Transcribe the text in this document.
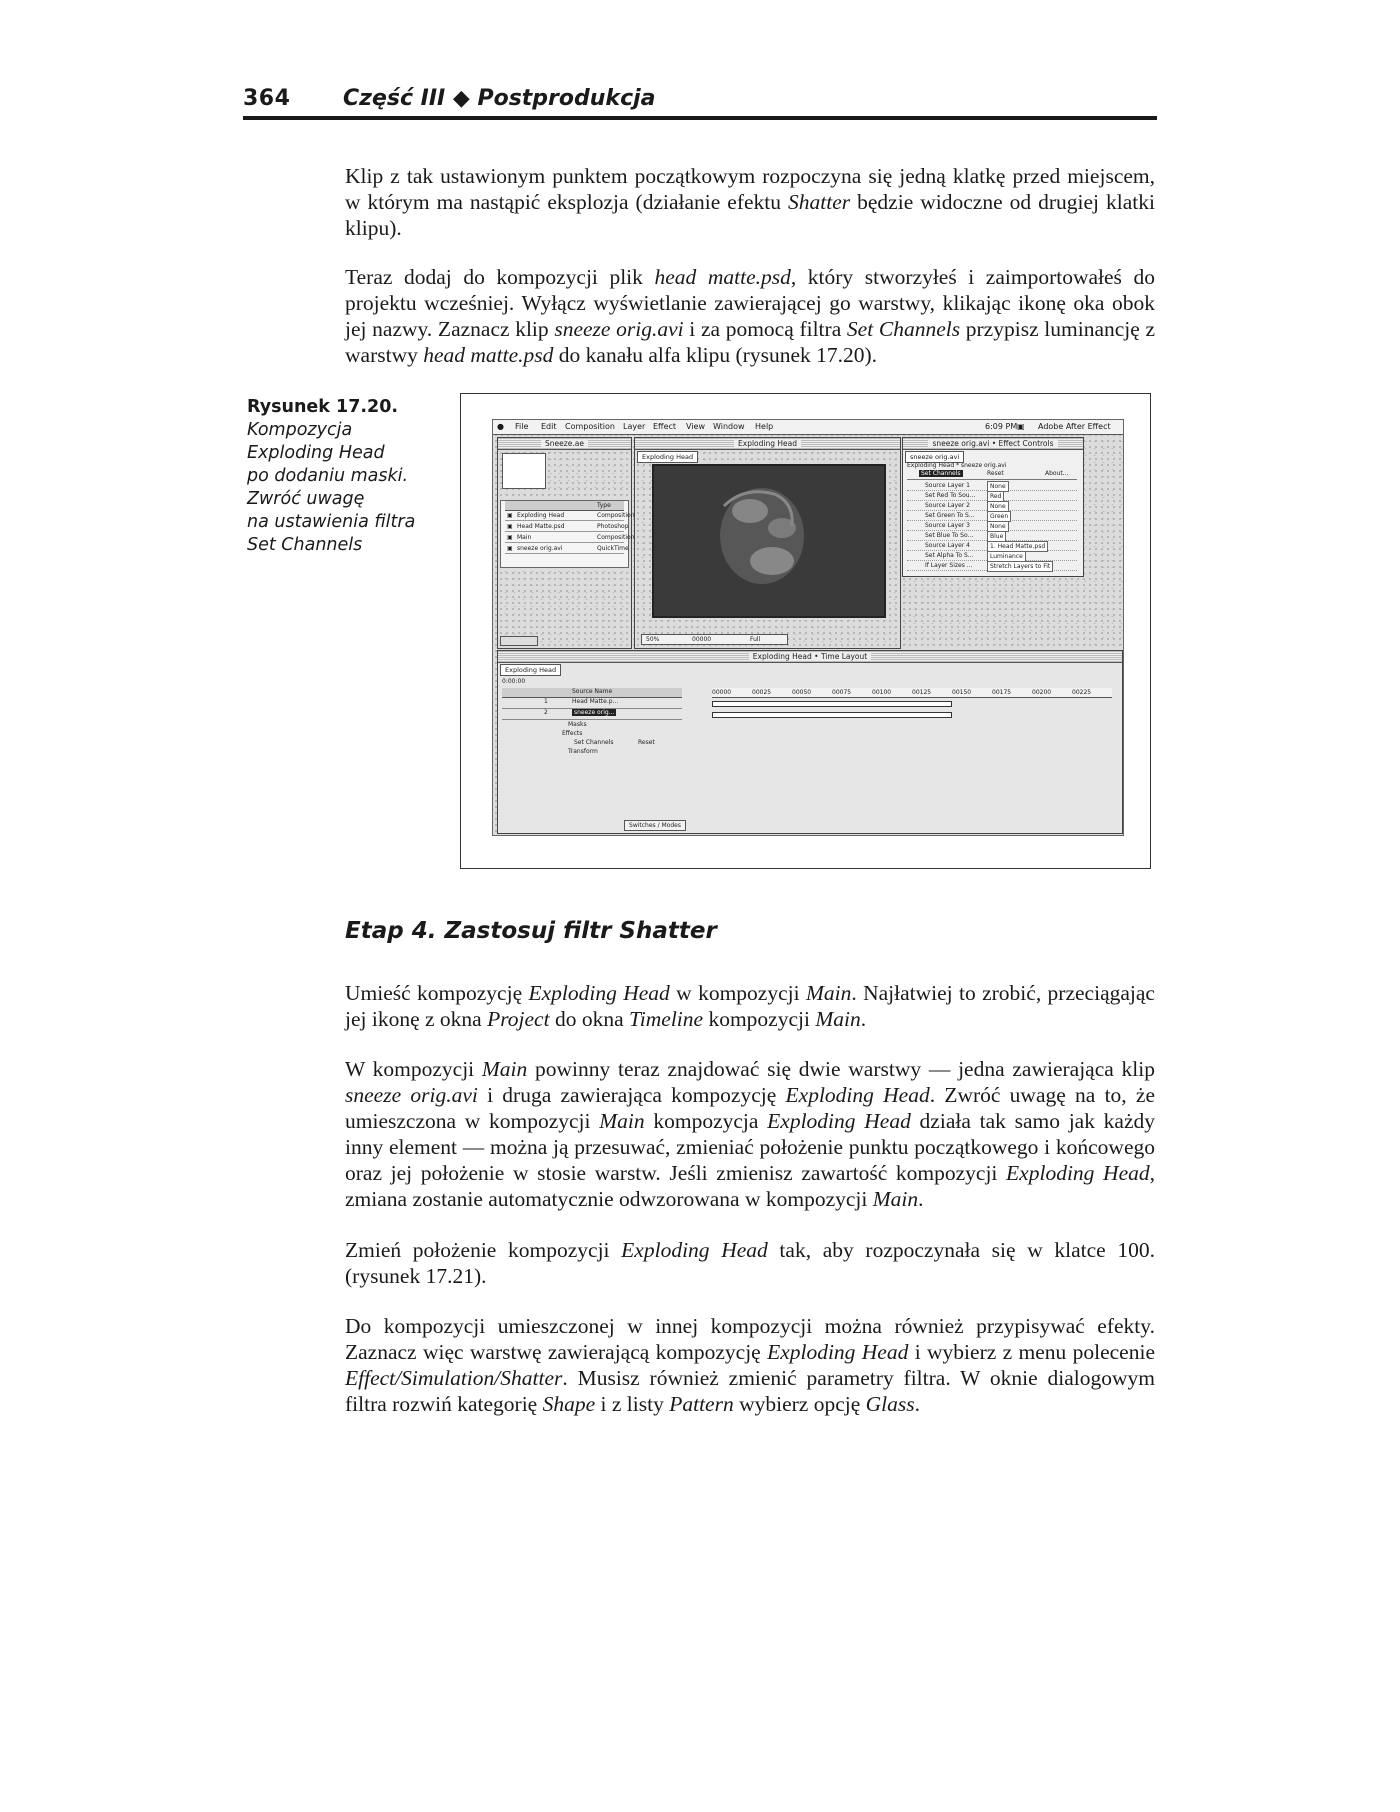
364 Część III ◆ Postprodukcja

Klip z tak ustawionym punktem początkowym rozpoczyna się jedną klatkę przed miejscem, w którym ma nastąpić eksplozja (działanie efektu Shatter będzie widoczne od drugiej klatki klipu).

Teraz dodaj do kompozycji plik head matte.psd, który stworzyłeś i zaimportowałeś do projektu wcześniej. Wyłącz wyświetlanie zawierającej go warstwy, klikając ikonę oka obok jej nazwy. Zaznacz klip sneeze orig.avi i za pomocą filtra Set Channels przypisz luminancję z warstwy head matte.psd do kanału alfa klipu (rysunek 17.20).

Rysunek 17.20.
Kompozycja
Exploding Head
po dodaniu maski.
Zwróć uwagę
na ustawienia filtra
Set Channels
● File Edit Composition Layer Effect View Window Help	6:09 PM ▣ Adobe After Effect
Sneeze.ae
Type
▣ Exploding Head	Composition
▣ Head Matte.psd	Photoshop
▣ Main	Composition
▣ sneeze orig.avi	QuickTime
Exploding Head
Exploding Head
50%	00000	Full
sneeze orig.avi • Effect Controls
sneeze orig.avi
Exploding Head * sneeze orig.avi
Set Channels	Reset	About...
Source Layer 1	None
Set Red To Sou...	Red
Source Layer 2	None
Set Green To S...	Green
Source Layer 3	None
Set Blue To So...	Blue
Source Layer 4	1. Head Matte.psd
Set Alpha To S...	Luminance
If Layer Sizes ...	Stretch Layers to Fit
Exploding Head • Time Layout
Exploding Head
0:00:00
Source Name
1	Head Matte.p...
2	sneeze orig...
Masks
Effects
Set Channels	Reset
Transform
00000	00025	00050	00075	00100	00125	00150	00175	00200	00225
Switches / Modes
Etap 4. Zastosuj filtr Shatter

Umieść kompozycję Exploding Head w kompozycji Main. Najłatwiej to zrobić, przeciągając jej ikonę z okna Project do okna Timeline kompozycji Main.

W kompozycji Main powinny teraz znajdować się dwie warstwy — jedna zawierająca klip sneeze orig.avi i druga zawierająca kompozycję Exploding Head. Zwróć uwagę na to, że umieszczona w kompozycji Main kompozycja Exploding Head działa tak samo jak każdy inny element — można ją przesuwać, zmieniać położenie punktu początkowego i końcowego oraz jej położenie w stosie warstw. Jeśli zmienisz zawartość kompozycji Exploding Head, zmiana zostanie automatycznie odwzorowana w kompozycji Main.

Zmień położenie kompozycji Exploding Head tak, aby rozpoczynała się w klatce 100. (rysunek 17.21).

Do kompozycji umieszczonej w innej kompozycji można również przypisywać efekty. Zaznacz więc warstwę zawierającą kompozycję Exploding Head i wybierz z menu polecenie Effect/Simulation/Shatter. Musisz również zmienić parametry filtra. W oknie dialogowym filtra rozwiń kategorię Shape i z listy Pattern wybierz opcję Glass.
